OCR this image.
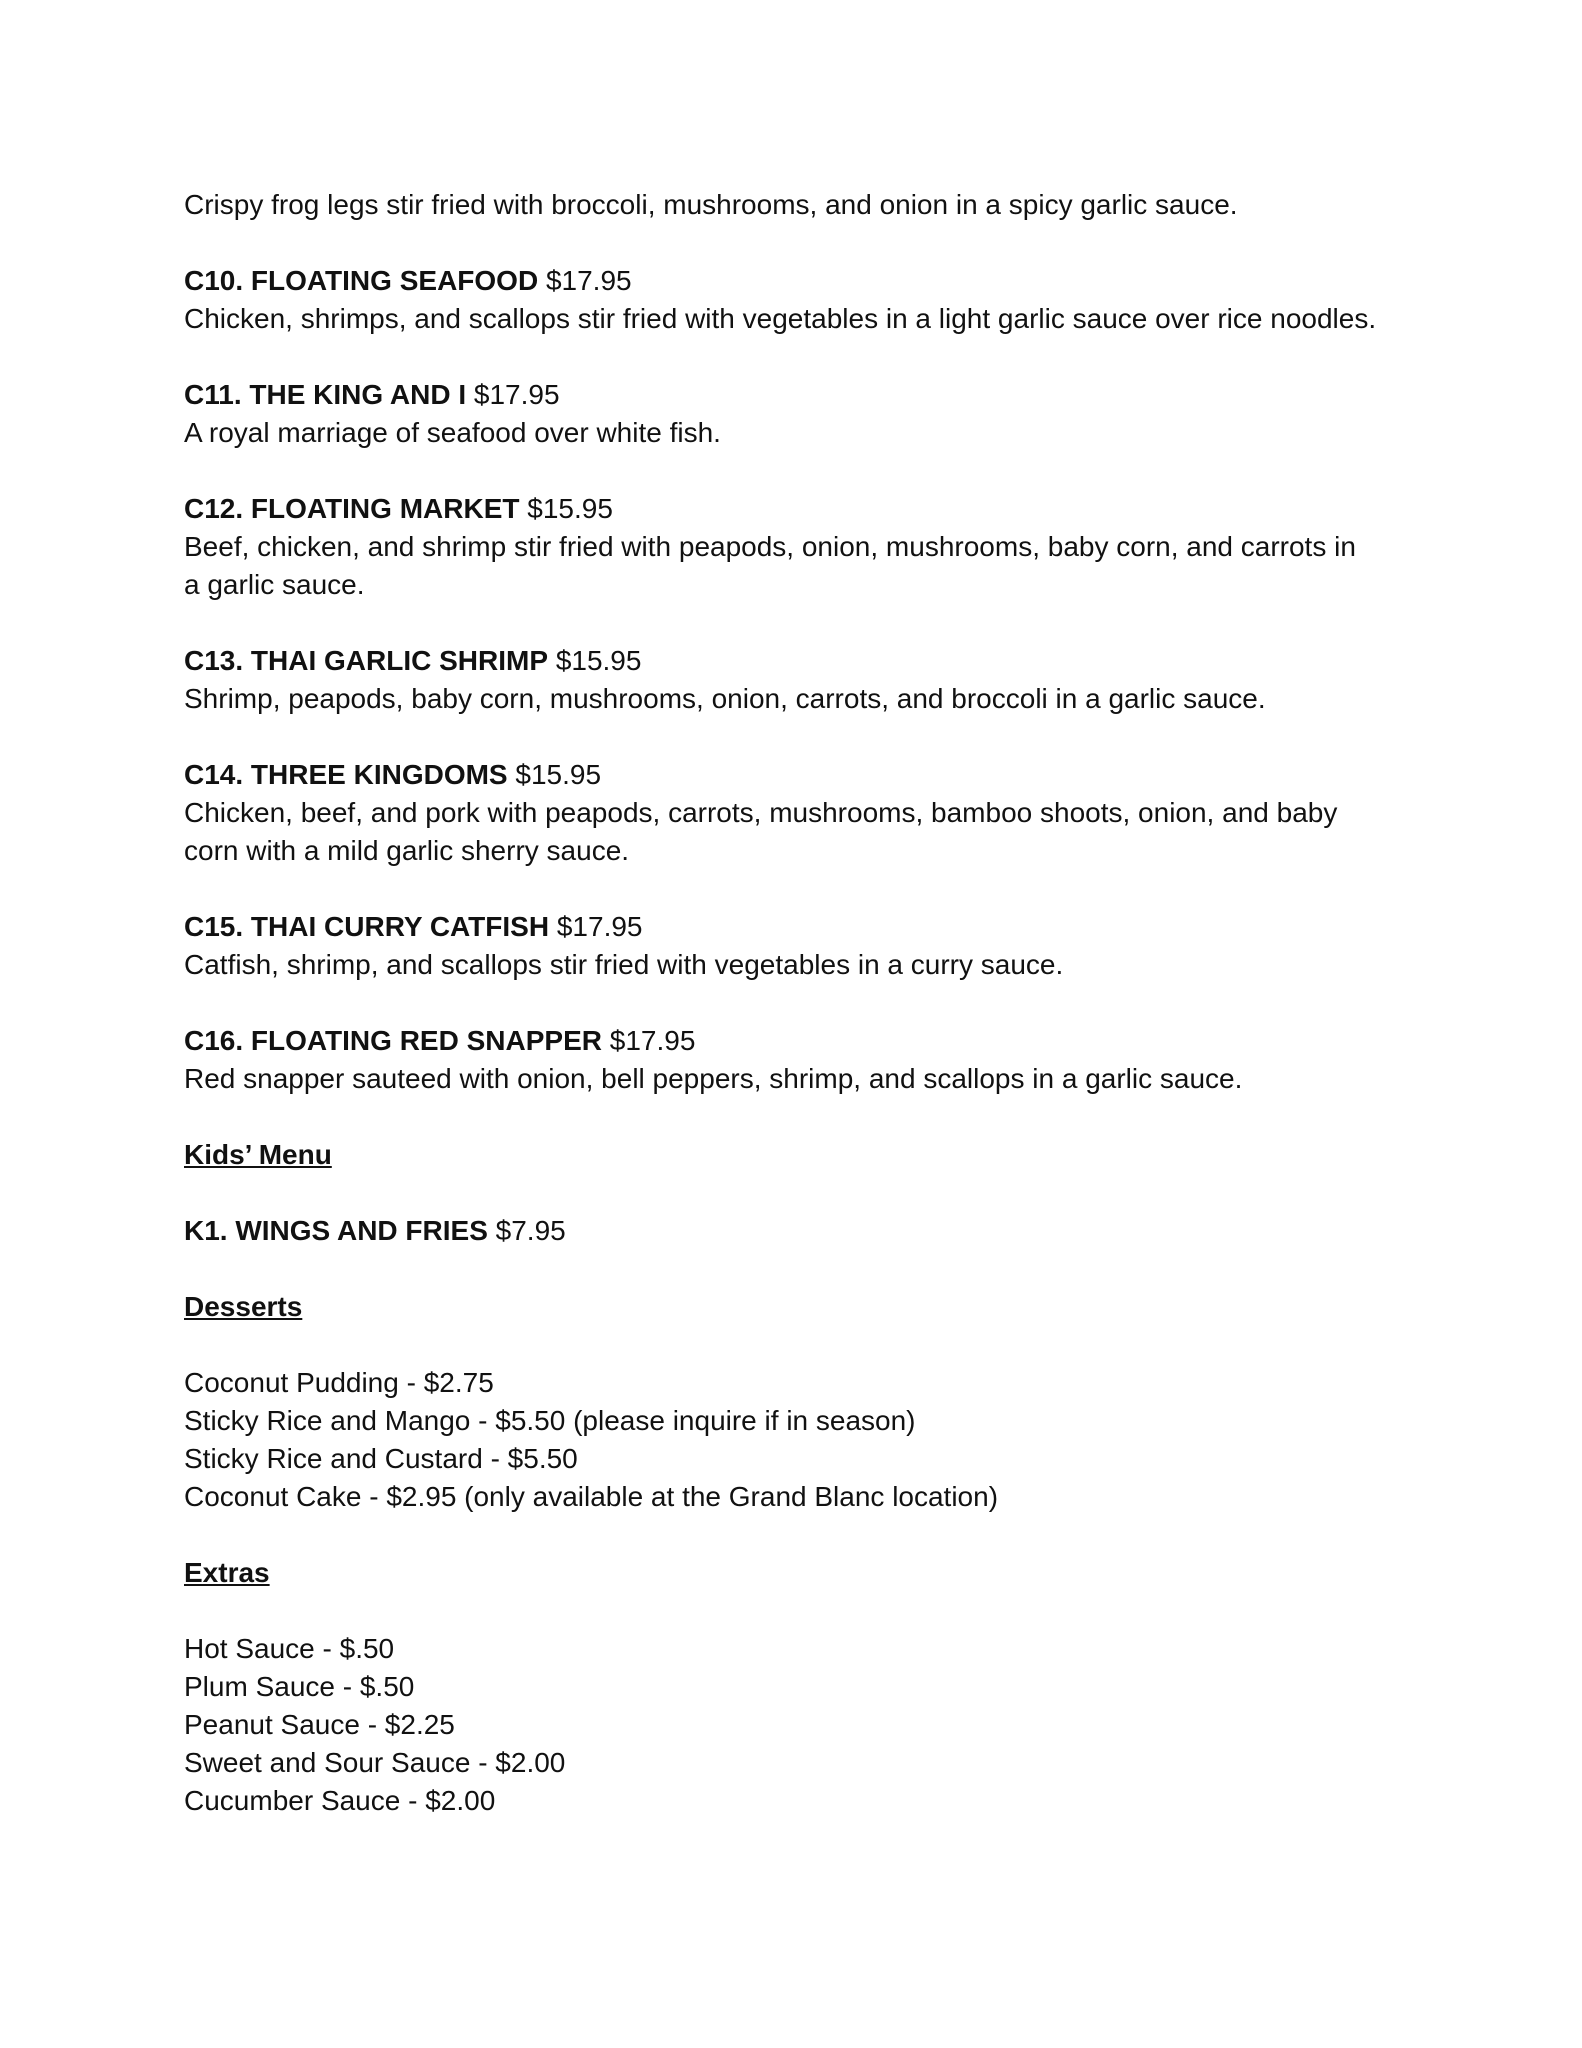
Crispy frog legs stir fried with broccoli, mushrooms, and onion in a spicy garlic sauce.

C10. FLOATING SEAFOOD $17.95

Chicken, shrimps, and scallops stir fried with vegetables in a light garlic sauce over rice noodles.

C11. THE KING AND I $17.95

A royal marriage of seafood over white fish.

C12. FLOATING MARKET $15.95

Beef, chicken, and shrimp stir fried with peapods, onion, mushrooms, baby corn, and carrots in

a garlic sauce.

C13. THAI GARLIC SHRIMP $15.95

Shrimp, peapods, baby corn, mushrooms, onion, carrots, and broccoli in a garlic sauce.

C14. THREE KINGDOMS $15.95

Chicken, beef, and pork with peapods, carrots, mushrooms, bamboo shoots, onion, and baby

corn with a mild garlic sherry sauce.

C15. THAI CURRY CATFISH $17.95

Catfish, shrimp, and scallops stir fried with vegetables in a curry sauce.

C16. FLOATING RED SNAPPER $17.95

Red snapper sauteed with onion, bell peppers, shrimp, and scallops in a garlic sauce.

Kids’ Menu

K1. WINGS AND FRIES $7.95

Desserts

Coconut Pudding - $2.75

Sticky Rice and Mango - $5.50 (please inquire if in season)

Sticky Rice and Custard - $5.50

Coconut Cake - $2.95 (only available at the Grand Blanc location)

Extras

Hot Sauce - $.50

Plum Sauce - $.50

Peanut Sauce - $2.25

Sweet and Sour Sauce - $2.00

Cucumber Sauce - $2.00
